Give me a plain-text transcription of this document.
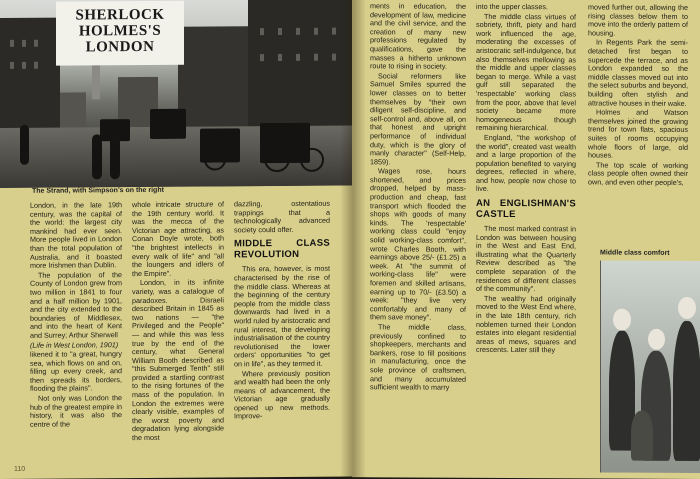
SHERLOCK
HOLMES'S
LONDON
The Strand, with Simpson's on the right

London, in the late 19th century, was the capital of the world: the largest city mankind had ever seen. More people lived in London than the total population of Australia, and it boasted more Irishmen than Dublin.

The population of the County of London grew from two million in 1841 to four and a half million by 1901, and the city extended to the boundaries of Middlesex, and into the heart of Kent and Surrey; Arthur Sherwell

(Life in West London, 1901)

likened it to "a great, hungry sea, which flows on and on, filling up every creek, and then spreads its borders, flooding the plains".

Not only was London the hub of the greatest empire in history, it was also the centre of the

whole intricate structure of the 19th century world. It was the mecca of the Victorian age attracting, as Conan Doyle wrote, both "the brightest intellects in every walk of life" and "all the loungers and idlers of the Empire".

London, in its infinite variety, was a catalogue of paradoxes. Disraeli described Britain in 1845 as two nations — "the Privileged and the People" — and while this was less true by the end of the century, what General William Booth described as "this Submerged Tenth" still provided a startling contrast to the rising fortunes of the mass of the population. In London the extremes were clearly visible, examples of the worst poverty and degradation lying alongside the most

dazzling, ostentatious trappings that a technologically advanced society could offer.

MIDDLE CLASS REVOLUTION

This era, however, is most characterised by the rise of the middle class. Whereas at the beginning of the century people from the middle class downwards had lived in a world ruled by aristocratic and rural interest, the developing industrialisation of the country revolutionised the lower orders' opportunities "to get on in life", as they termed it.

Where previously position and wealth had been the only means of advancement, the Victorian age gradually opened up new methods. Improve-

110

ments in education, the development of law, medicine and the civil service, and the creation of many new professions regulated by qualifications, gave the masses a hitherto unknown route to rising in society.

Social reformers like Samuel Smiles spurred the lower classes on to better themselves by "their own diligent self-discipline, and self-control and, above all, on that honest and upright performance of individual duty, which is the glory of manly character" (Self-Help, 1859).

Wages rose, hours shortened, and prices dropped, helped by mass-production and cheap, fast transport which flooded the shops with goods of many kinds. The 'respectable' working class could "enjoy solid working-class comfort", wrote Charles Booth, with earnings above 25/- (£1.25) a week. At "the summit of working-class life" were foremen and skilled artisans, earning up to 70/- (£3.50) a week: "they live very comfortably and many of them save money".

The middle class, previously confined to shopkeepers, merchants and bankers, rose to fill positions in manufacturing, once the sole province of craftsmen, and many accumulated sufficient wealth to marry

into the upper classes.

The middle class virtues of sobriety, thrift, piety and hard work influenced the age, moderating the excesses of aristocratic self-indulgence, but also themselves mellowing as the middle and upper classes began to merge. While a vast gulf still separated the 'respectable' working class from the poor, above that level society became more homogeneous though remaining hierarchical.

England, "the workshop of the world", created vast wealth and a large proportion of the population benefited to varying degrees, reflected in where, and how, people now chose to live.

AN ENGLISHMAN'S CASTLE

The most marked contrast in London was between housing in the West and East End, illustrating what the Quarterly Review described as "the complete separation of the residences of different classes of the community".

The wealthy had originally moved to the West End where, in the late 18th century, rich noblemen turned their London estates into elegant residential areas of mews, squares and crescents. Later still they

moved further out, allowing the rising classes below them to move into the orderly pattern of housing.

In Regents Park the semi-detached first began to supercede the terrace, and as London expanded so the middle classes moved out into the select suburbs and beyond, building often stylish and attractive houses in their wake.

Holmes and Watson themselves joined the growing trend for town flats, spacious suites of rooms occupying whole floors of large, old houses.

The top scale of working class people often owned their own, and even other people's,

Middle class comfort
